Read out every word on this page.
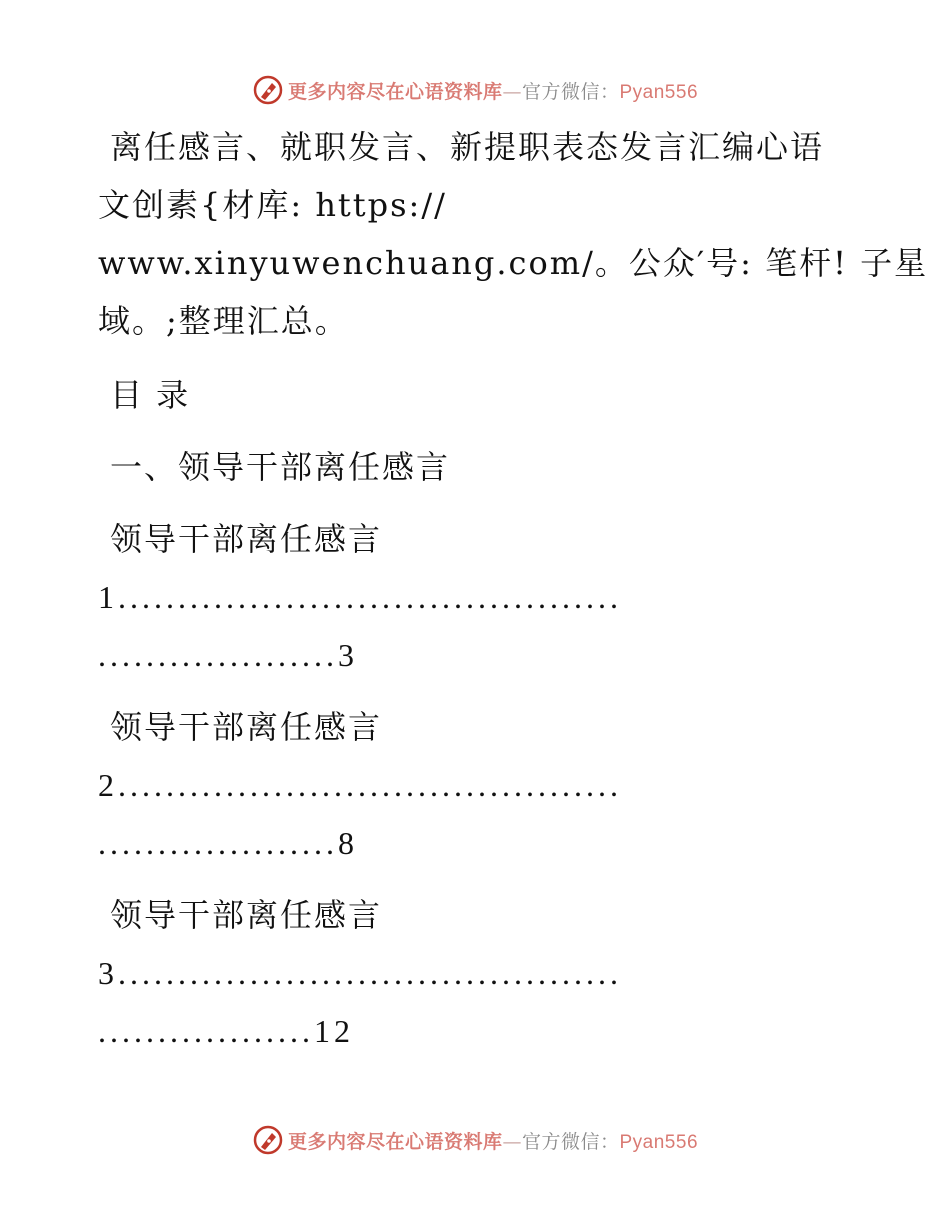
更多内容尽在心语资料库—官方微信：Pyan556
离任感言、就职发言、新提职表态发言汇编心语
文创素{材库: https://
www.xinyuwenchuang.com/。公众′号: 笔杆! 子星
域。;整理汇总。
目 录
一、领导干部离任感言
领导干部离任感言
1..........................................
....................3
领导干部离任感言
2..........................................
....................8
领导干部离任感言
3..........................................
..................12
更多内容尽在心语资料库—官方微信：Pyan556
